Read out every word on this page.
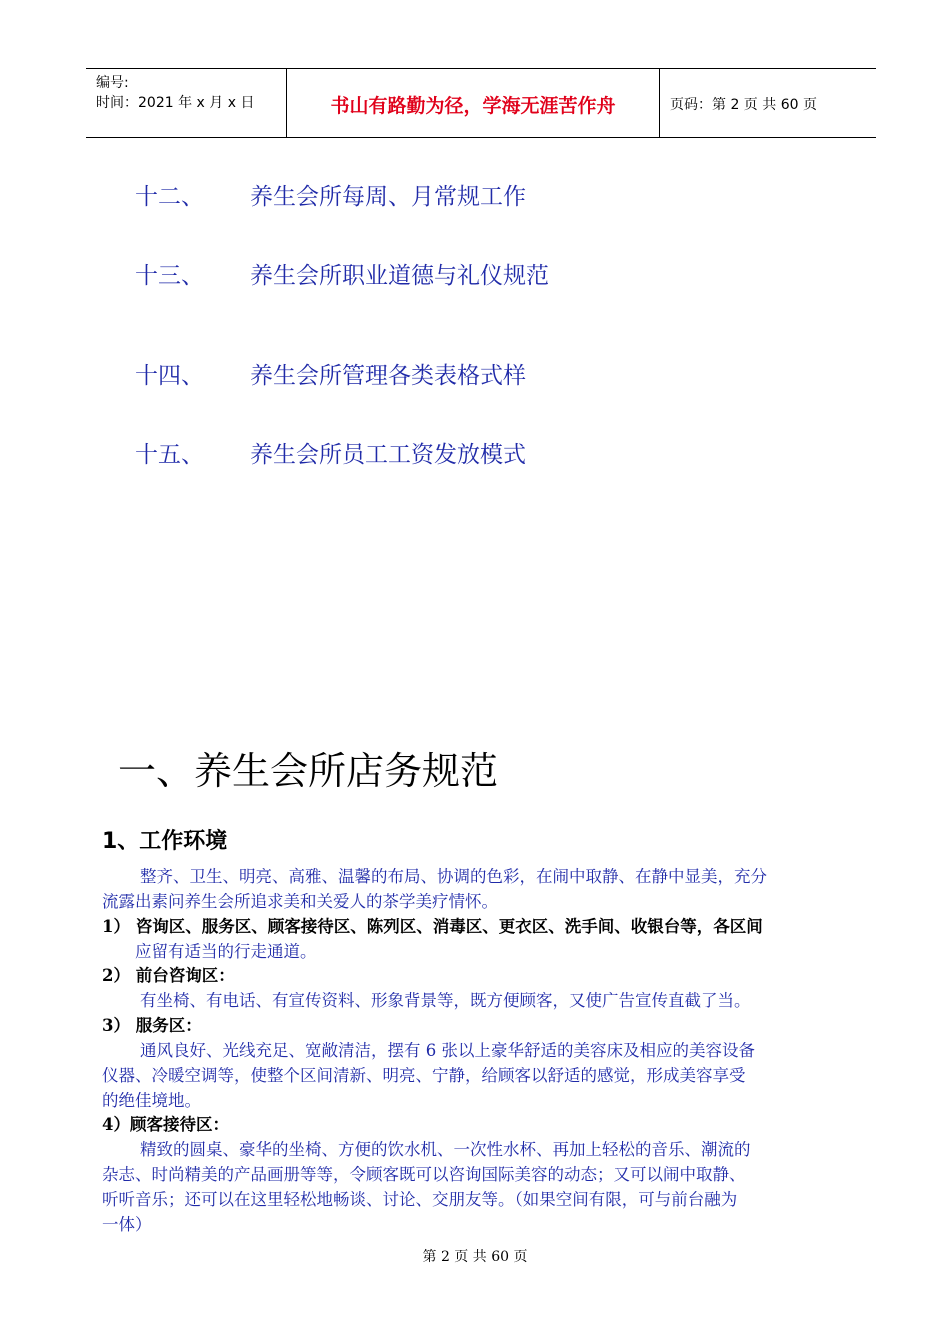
编号:
时间：2021 年 x 月 x 日	书山有路勤为径，学海无涯苦作舟	页码：第 2 页 共 60 页
十二、 养生会所每周、月常规工作
十三、 养生会所职业道德与礼仪规范
十四、 养生会所管理各类表格式样
十五、 养生会所员工工资发放模式
一、养生会所店务规范
1、工作环境
整齐、卫生、明亮、高雅、温馨的布局、协调的色彩，在闹中取静、在静中显美，充分
流露出素问养生会所追求美和关爱人的茶学美疗情怀。
1） 咨询区、服务区、顾客接待区、陈列区、消毒区、更衣区、洗手间、收银台等，各区间
应留有适当的行走通道。
2） 前台咨询区：
有坐椅、有电话、有宣传资料、形象背景等，既方便顾客，又使广告宣传直截了当。
3） 服务区：
通风良好、光线充足、宽敞清洁，摆有 6 张以上豪华舒适的美容床及相应的美容设备
仪器、冷暖空调等，使整个区间清新、明亮、宁静，给顾客以舒适的感觉，形成美容享受
的绝佳境地。
4）顾客接待区：
精致的圆桌、豪华的坐椅、方便的饮水机、一次性水杯、再加上轻松的音乐、潮流的
杂志、时尚精美的产品画册等等，令顾客既可以咨询国际美容的动态；又可以闹中取静、
听听音乐；还可以在这里轻松地畅谈、讨论、交朋友等。（如果空间有限，可与前台融为
一体）
第 2 页 共 60 页
